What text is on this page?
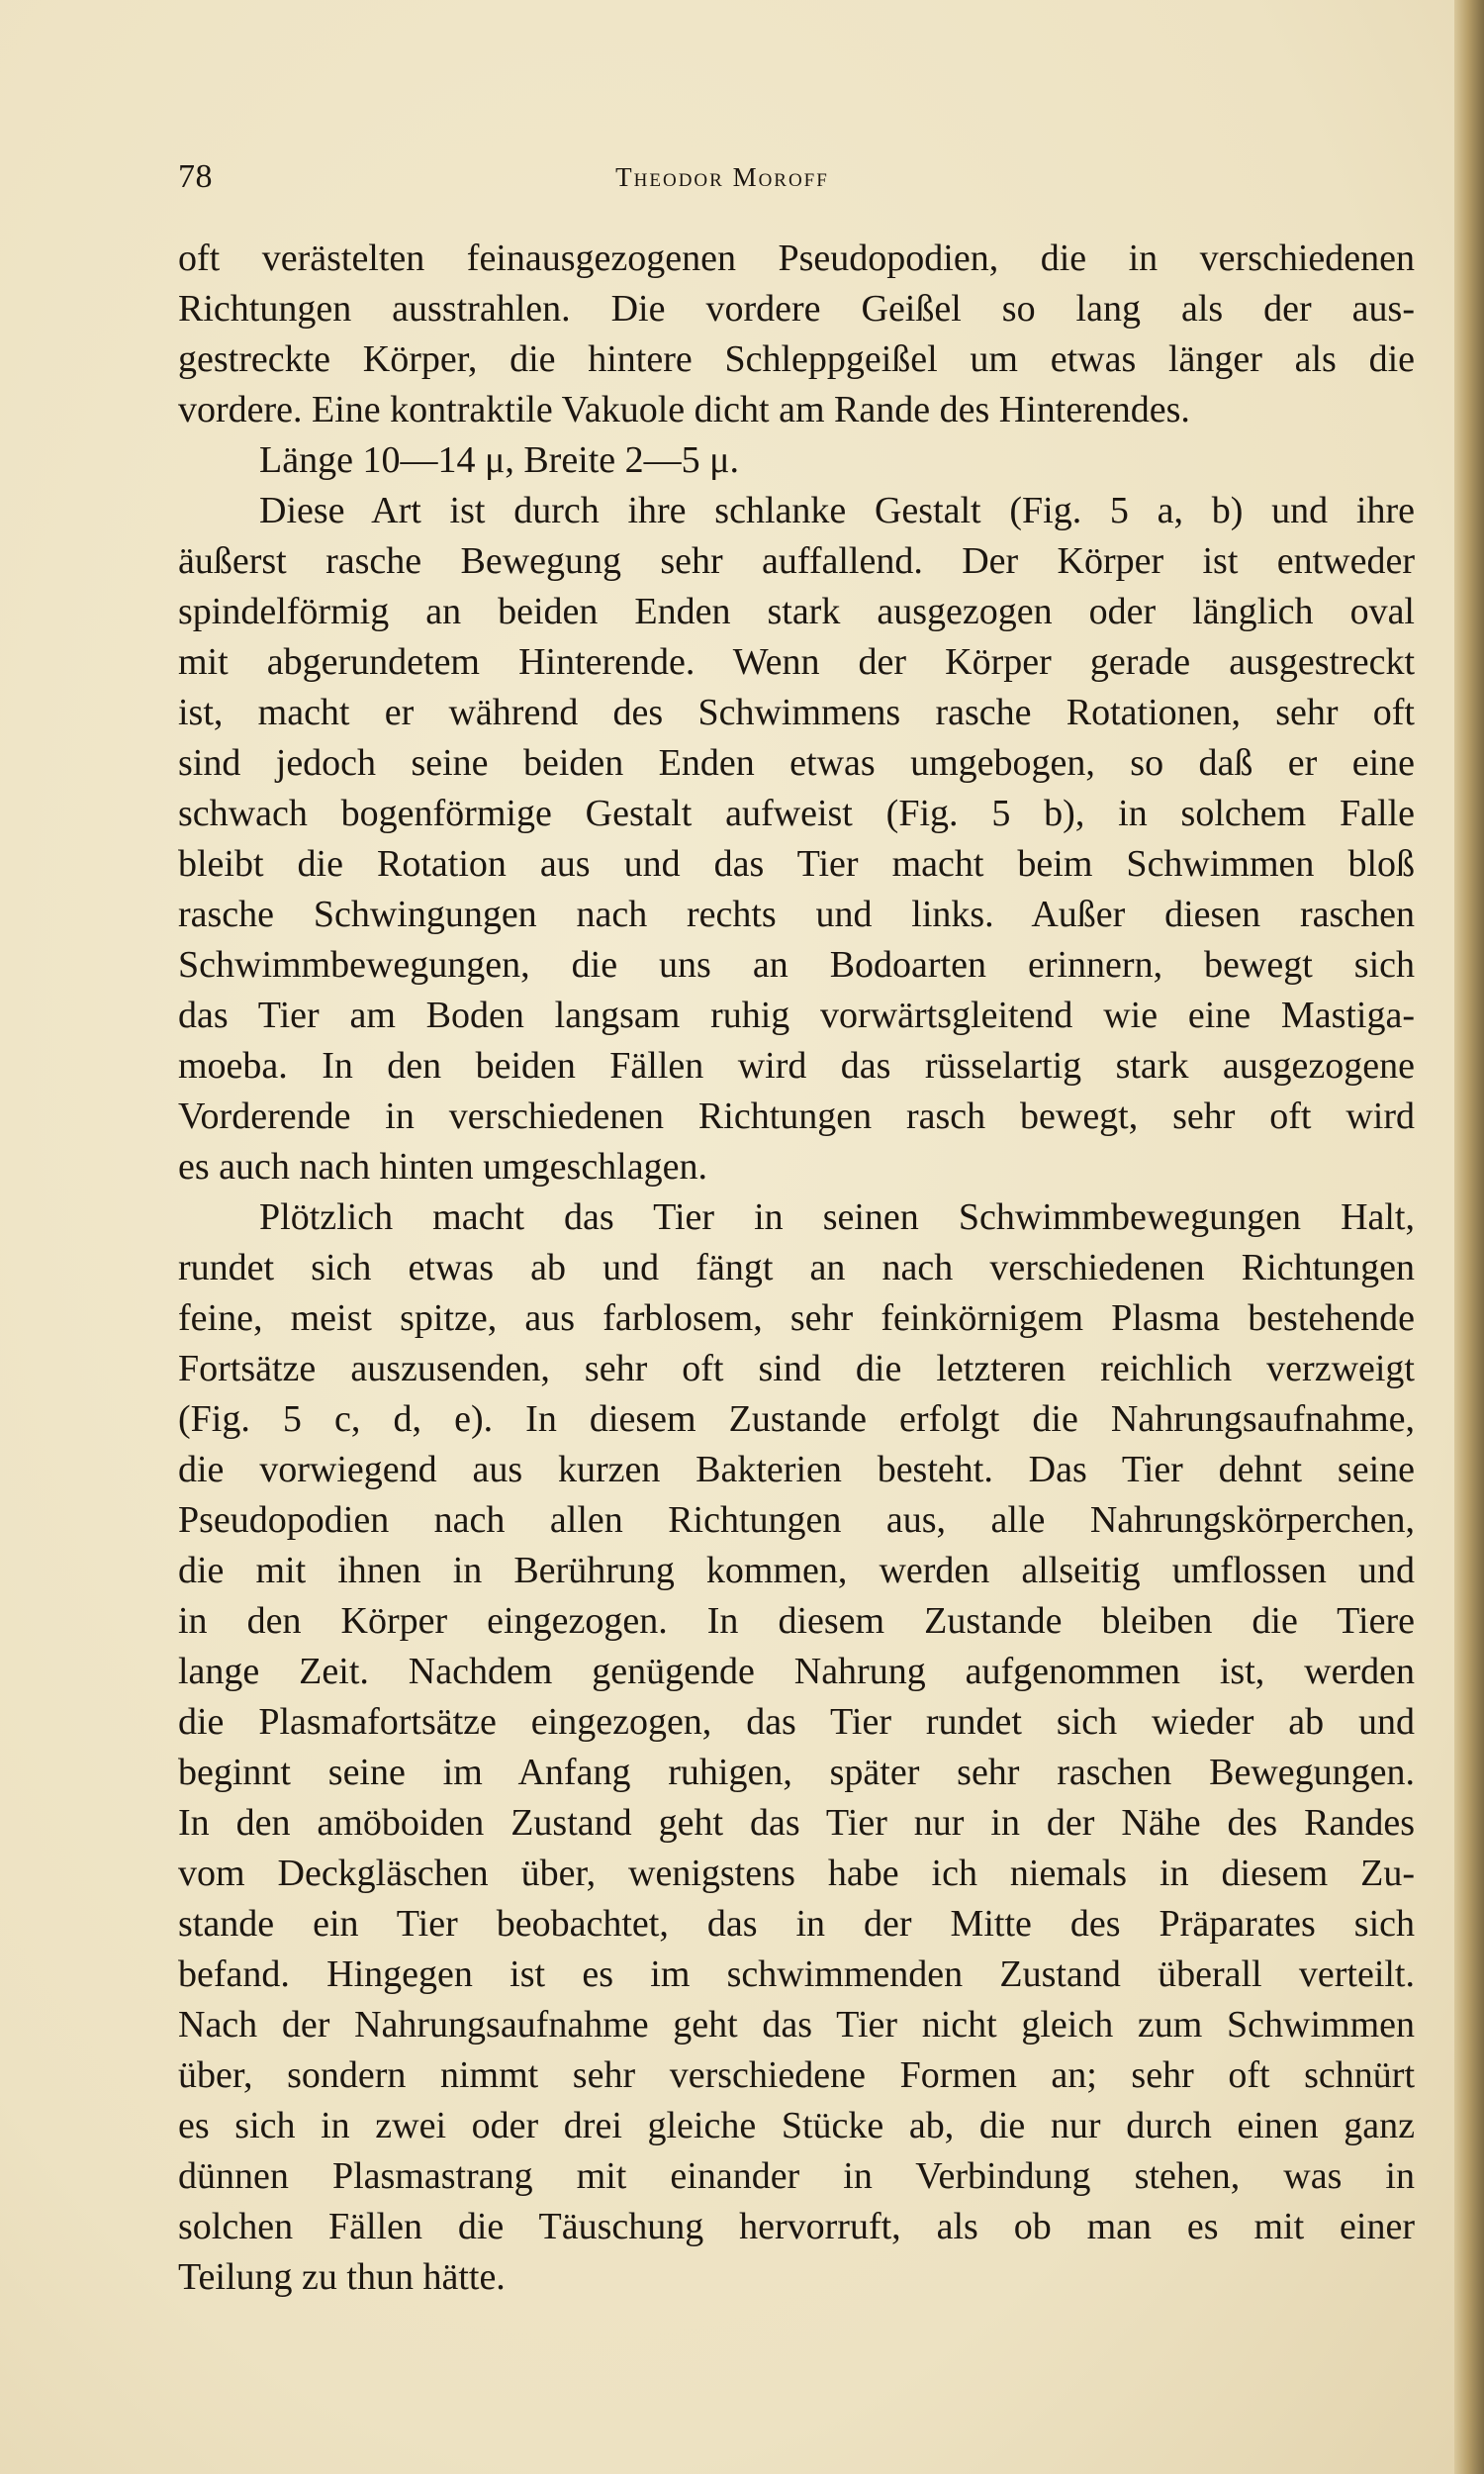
78	Theodor Moroff
oft verästelten feinausgezogenen Pseudopodien, die in verschiedenen
Richtungen ausstrahlen. Die vordere Geißel so lang als der aus-
gestreckte Körper, die hintere Schleppgeißel um etwas länger als die
vordere. Eine kontraktile Vakuole dicht am Rande des Hinterendes.
Länge 10—14 μ, Breite 2—5 μ.
Diese Art ist durch ihre schlanke Gestalt (Fig. 5 a, b) und ihre
äußerst rasche Bewegung sehr auffallend. Der Körper ist entweder
spindelförmig an beiden Enden stark ausgezogen oder länglich oval
mit abgerundetem Hinterende. Wenn der Körper gerade ausgestreckt
ist, macht er während des Schwimmens rasche Rotationen, sehr oft
sind jedoch seine beiden Enden etwas umgebogen, so daß er eine
schwach bogenförmige Gestalt aufweist (Fig. 5 b), in solchem Falle
bleibt die Rotation aus und das Tier macht beim Schwimmen bloß
rasche Schwingungen nach rechts und links. Außer diesen raschen
Schwimmbewegungen, die uns an Bodoarten erinnern, bewegt sich
das Tier am Boden langsam ruhig vorwärtsgleitend wie eine Mastiga-
moeba. In den beiden Fällen wird das rüsselartig stark ausgezogene
Vorderende in verschiedenen Richtungen rasch bewegt, sehr oft wird
es auch nach hinten umgeschlagen.
Plötzlich macht das Tier in seinen Schwimmbewegungen Halt,
rundet sich etwas ab und fängt an nach verschiedenen Richtungen
feine, meist spitze, aus farblosem, sehr feinkörnigem Plasma bestehende
Fortsätze auszusenden, sehr oft sind die letzteren reichlich verzweigt
(Fig. 5 c, d, e). In diesem Zustande erfolgt die Nahrungsaufnahme,
die vorwiegend aus kurzen Bakterien besteht. Das Tier dehnt seine
Pseudopodien nach allen Richtungen aus, alle Nahrungskörperchen,
die mit ihnen in Berührung kommen, werden allseitig umflossen und
in den Körper eingezogen. In diesem Zustande bleiben die Tiere
lange Zeit. Nachdem genügende Nahrung aufgenommen ist, werden
die Plasmafortsätze eingezogen, das Tier rundet sich wieder ab und
beginnt seine im Anfang ruhigen, später sehr raschen Bewegungen.
In den amöboiden Zustand geht das Tier nur in der Nähe des Randes
vom Deckgläschen über, wenigstens habe ich niemals in diesem Zu-
stande ein Tier beobachtet, das in der Mitte des Präparates sich
befand. Hingegen ist es im schwimmenden Zustand überall verteilt.
Nach der Nahrungsaufnahme geht das Tier nicht gleich zum Schwimmen
über, sondern nimmt sehr verschiedene Formen an; sehr oft schnürt
es sich in zwei oder drei gleiche Stücke ab, die nur durch einen ganz
dünnen Plasmastrang mit einander in Verbindung stehen, was in
solchen Fällen die Täuschung hervorruft, als ob man es mit einer
Teilung zu thun hätte.
